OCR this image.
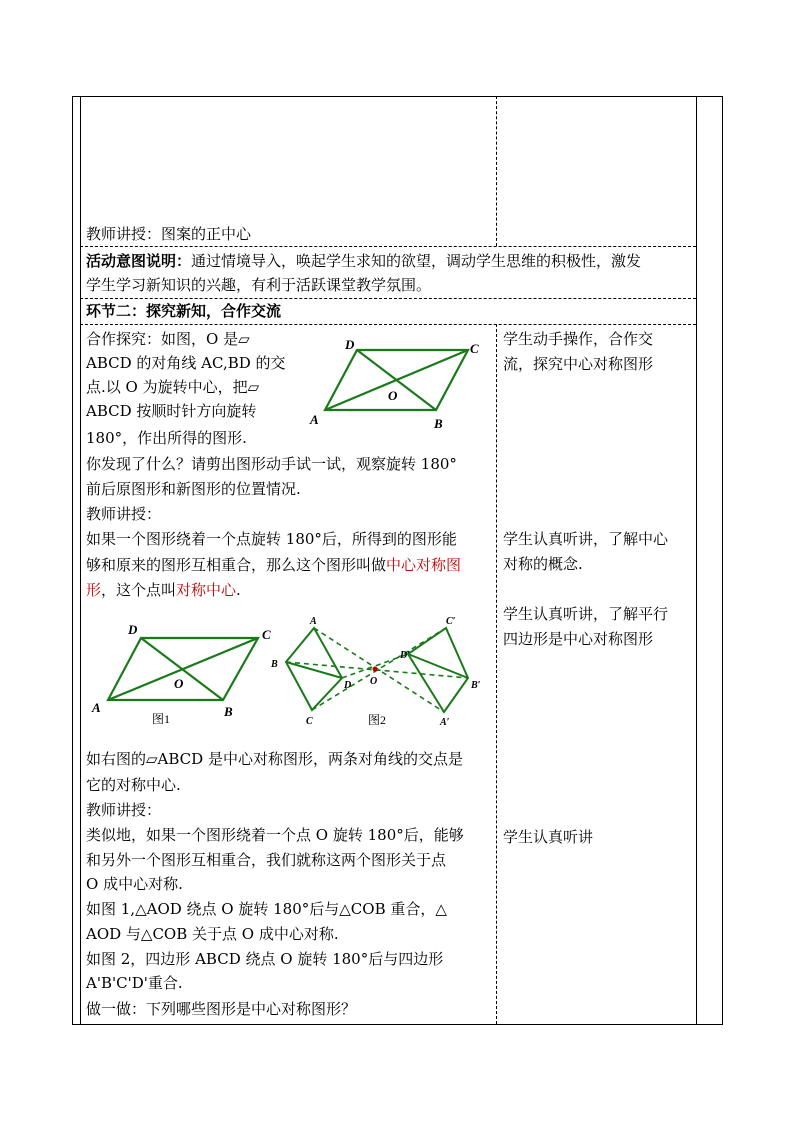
教师讲授：图案的正中心
活动意图说明：通过情境导入，唤起学生求知的欲望，调动学生思维的积极性，激发
学生学习新知识的兴趣，有利于活跃课堂教学氛围。
环节二：探究新知，合作交流
合作探究：如图，O 是▱
ABCD 的对角线 AC,BD 的交
点.以 O 为旋转中心，把▱
ABCD 按顺时针方向旋转
180°，作出所得的图形.
A	B
C
D
O
你发现了什么？请剪出图形动手试一试，观察旋转 180°
前后原图形和新图形的位置情况.
教师讲授：
如果一个图形绕着一个点旋转 180°后，所得到的图形能
够和原来的图形互相重合，那么这个图形叫做中心对称图
形，这个点叫对称中心.
A	B
C
D
O
图1
A
B
C
D O
A′
B′
C′
D′
图2
如右图的▱ABCD 是中心对称图形，两条对角线的交点是
它的对称中心.
教师讲授：
类似地，如果一个图形绕着一个点 O 旋转 180°后，能够
和另外一个图形互相重合，我们就称这两个图形关于点
O 成中心对称.
如图 1,△AOD 绕点 O 旋转 180°后与△COB 重合，△
AOD 与△COB 关于点 O 成中心对称.
如图 2，四边形 ABCD 绕点 O 旋转 180°后与四边形
A'B'C'D'重合.
做一做：下列哪些图形是中心对称图形？
学生动手操作，合作交
流，探究中心对称图形
学生认真听讲，了解中心
对称的概念.
学生认真听讲，了解平行
四边形是中心对称图形
学生认真听讲
